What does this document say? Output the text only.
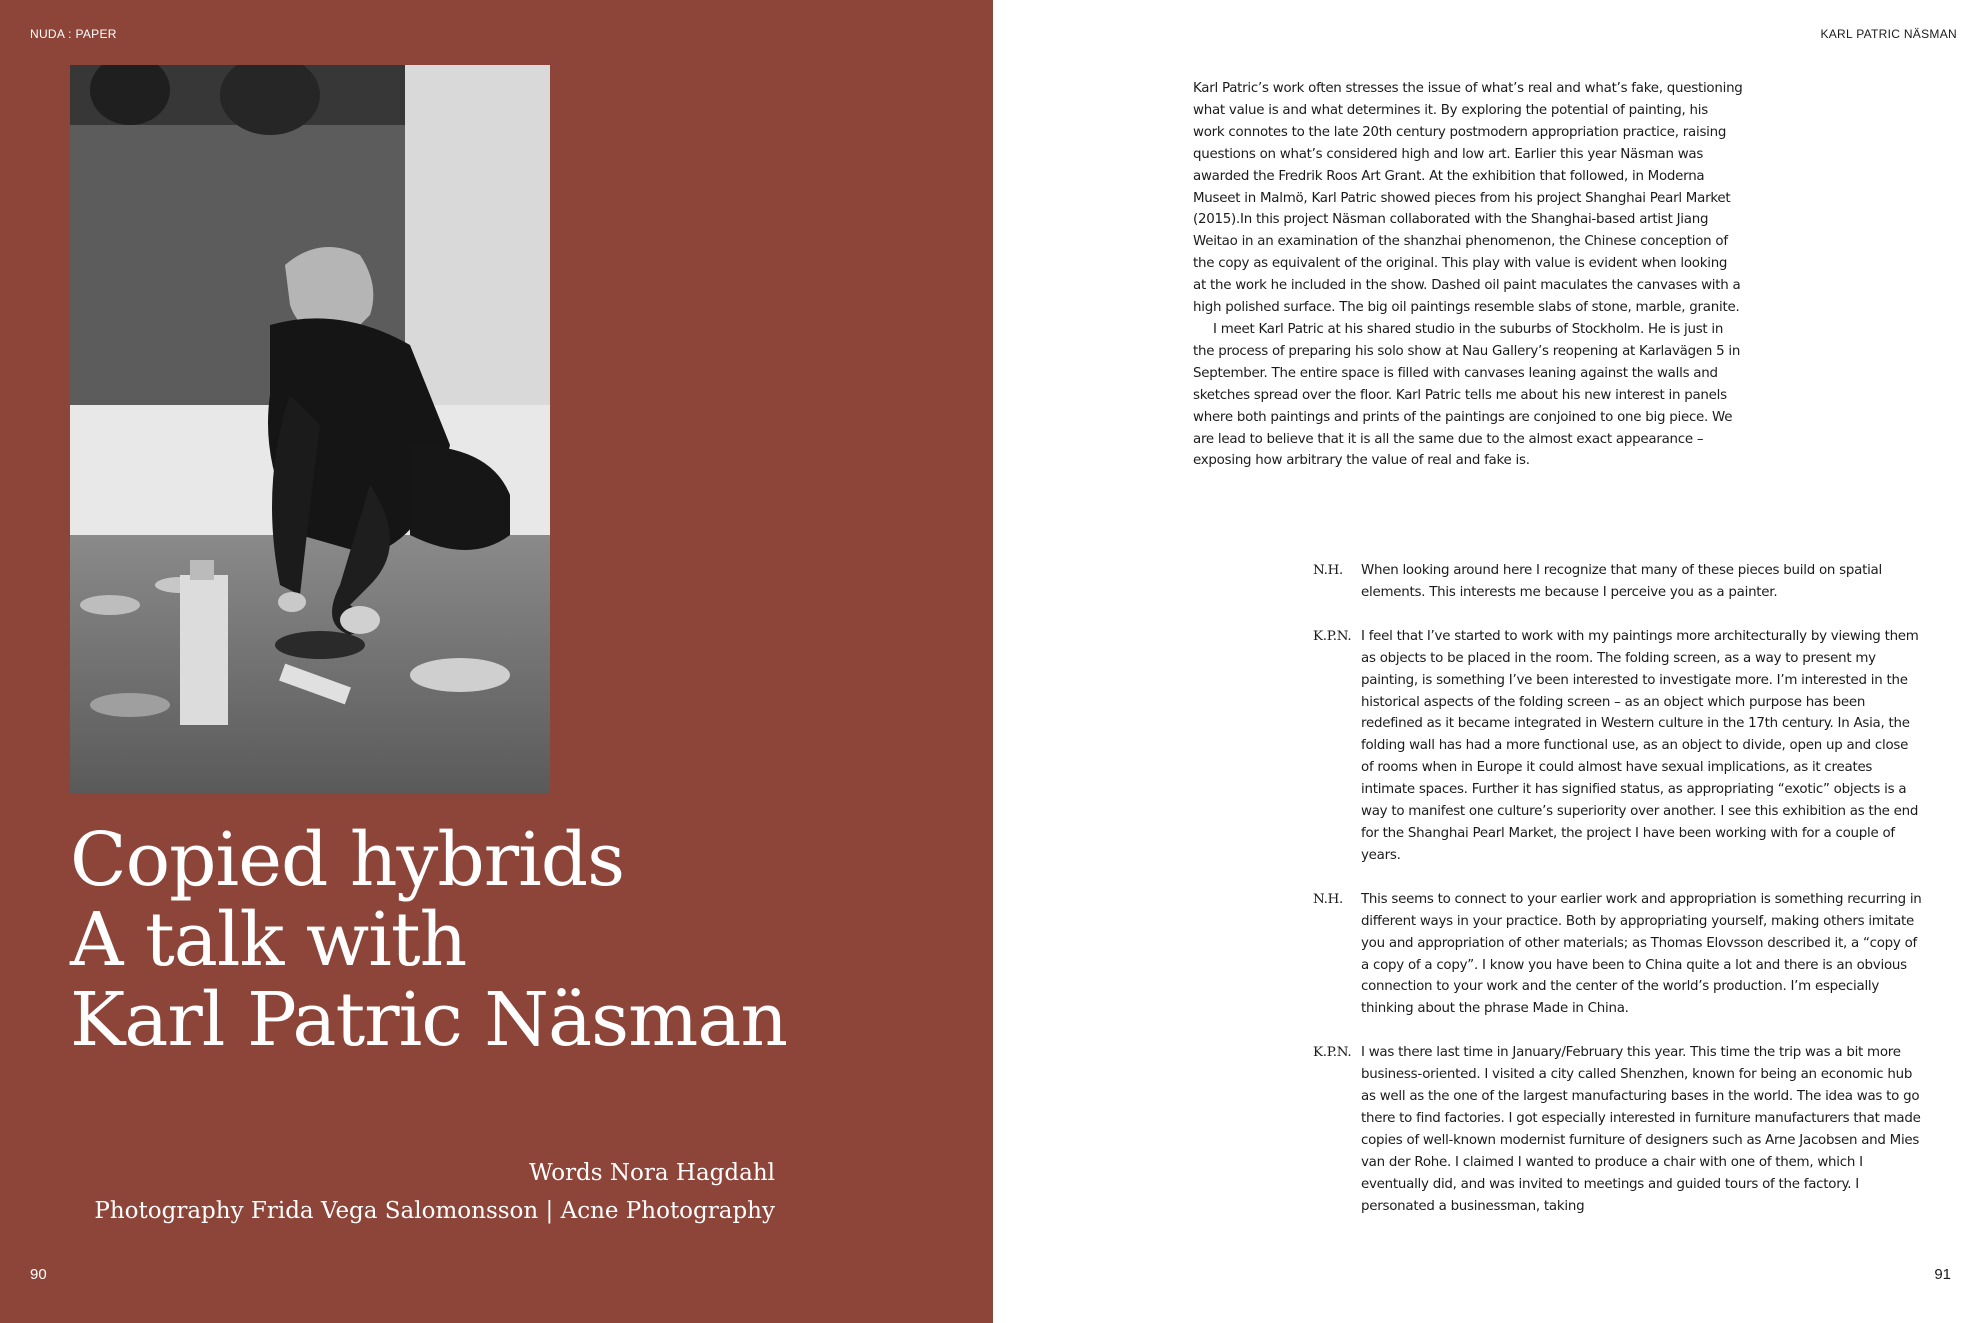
NUDA : PAPER
Copied hybrids
A talk with
Karl Patric Näsman
Words Nora Hagdahl
Photography Frida Vega Salomonsson | Acne Photography
90
KARL PATRIC NÄSMAN

Karl Patric’s work often stresses the issue of what’s real and what’s fake, questioning what value is and what determines it. By exploring the potential of painting, his work connotes to the late 20th century postmodern appropriation practice, raising questions on what’s considered high and low art. Earlier this year Näsman was awarded the Fredrik Roos Art Grant. At the exhibition that followed, in Moderna Museet in Malmö, Karl Patric showed pieces from his project Shanghai Pearl Market (2015).In this project Näsman collaborated with the Shanghai-based artist Jiang Weitao in an examination of the shanzhai phenomenon, the Chinese conception of the copy as equivalent of the original. This play with value is evident when looking at the work he included in the show. Dashed oil paint maculates the canvases with a high polished surface. The big oil paintings resemble slabs of stone, marble, granite.

I meet Karl Patric at his shared studio in the suburbs of Stockholm. He is just in the process of preparing his solo show at Nau Gallery’s reopening at Karlavägen 5 in September. The entire space is filled with canvases leaning against the walls and sketches spread over the floor. Karl Patric tells me about his new interest in panels where both paintings and prints of the paintings are conjoined to one big piece. We are lead to believe that it is all the same due to the almost exact appearance – exposing how arbitrary the value of real and fake is.

N.H.	When looking around here I recognize that many of these pieces build on spatial elements. This interests me because I perceive you as a painter.
K.P.N. I feel that I’ve started to work with my paintings more architecturally by viewing them as objects to be placed in the room. The folding screen, as a way to present my painting, is something I’ve been interested to investigate more. I’m interested in the historical aspects of the folding screen – as an object which purpose has been redefined as it became integrated in Western culture in the 17th century. In Asia, the folding wall has had a more functional use, as an object to divide, open up and close of rooms when in Europe it could almost have sexual implications, as it creates intimate spaces. Further it has signified status, as appropriating “exotic” objects is a way to manifest one culture’s superiority over another. I see this exhibition as the end for the Shanghai Pearl Market, the project I have been working with for a couple of years.
N.H.	This seems to connect to your earlier work and appropriation is something recurring in different ways in your practice. Both by appropriating yourself, making others imitate you and appropriation of other materials; as Thomas Elovsson described it, a “copy of a copy of a copy”. I know you have been to China quite a lot and there is an obvious connection to your work and the center of the world’s production. I’m especially thinking about the phrase Made in China.
K.P.N. I was there last time in January/February this year. This time the trip was a bit more business-oriented. I visited a city called Shenzhen, known for being an economic hub as well as the one of the largest manufacturing bases in the world. The idea was to go there to find factories. I got especially interested in furniture manufacturers that made copies of well-known modernist furniture of designers such as Arne Jacobsen and Mies van der Rohe. I claimed I wanted to produce a chair with one of them, which I eventually did, and was invited to meetings and guided tours of the factory. I personated a businessman, taking
91
